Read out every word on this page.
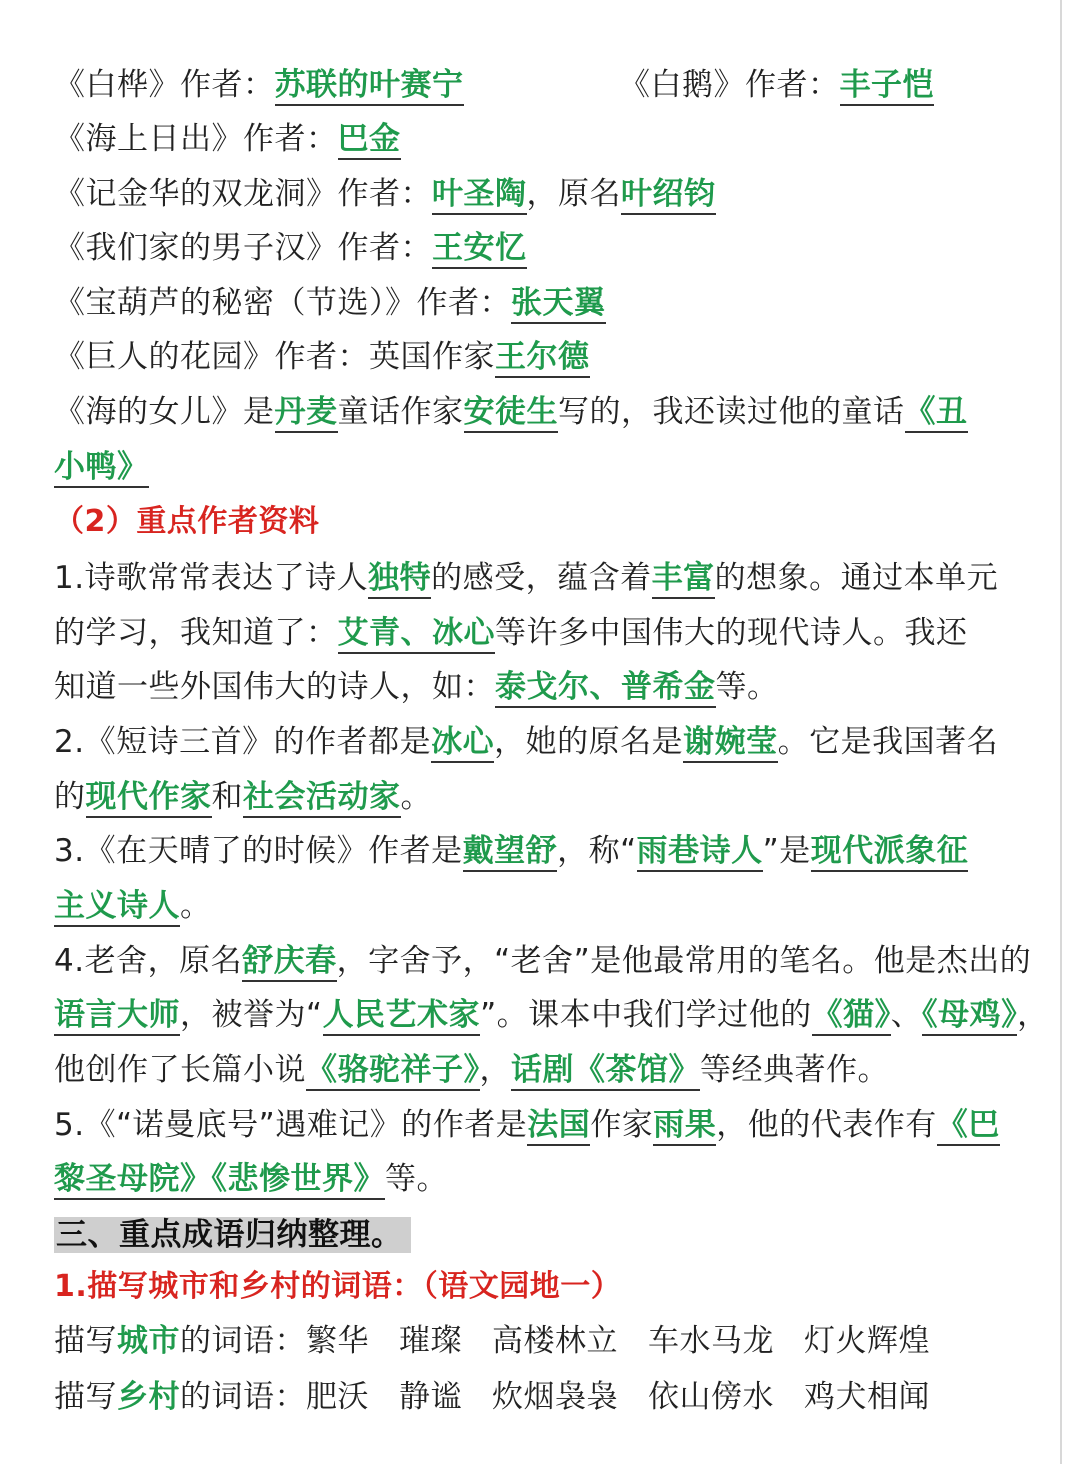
《白桦》作者：苏联的叶赛宁	《白鹅》作者：丰子恺
《海上日出》作者：巴金
《记金华的双龙洞》作者：叶圣陶，原名叶绍钧
《我们家的男子汉》作者：王安忆
《宝葫芦的秘密（节选）》作者：张天翼
《巨人的花园》作者：英国作家王尔德
《海的女儿》是丹麦童话作家安徒生写的，我还读过他的童话《丑
小鸭》
（2）重点作者资料
1.诗歌常常表达了诗人独特的感受，蕴含着丰富的想象。通过本单元
的学习，我知道了：艾青、冰心等许多中国伟大的现代诗人。我还
知道一些外国伟大的诗人，如：泰戈尔、普希金等。
2.《短诗三首》的作者都是冰心，她的原名是谢婉莹。它是我国著名
的现代作家和社会活动家。
3.《在天晴了的时候》作者是戴望舒，称“雨巷诗人”是现代派象征
主义诗人。
4.老舍，原名舒庆春，字舍予，“老舍”是他最常用的笔名。他是杰出的
语言大师，被誉为“人民艺术家”。课本中我们学过他的《猫》、《母鸡》，
他创作了长篇小说《骆驼祥子》，话剧《茶馆》等经典著作。
5.《“诺曼底号”遇难记》的作者是法国作家雨果，他的代表作有《巴
黎圣母院》《悲惨世界》等。
三、重点成语归纳整理。
1.描写城市和乡村的词语：（语文园地一）
描写城市的词语：繁华 璀璨 高楼林立 车水马龙 灯火辉煌
描写乡村的词语：肥沃 静谧 炊烟袅袅 依山傍水 鸡犬相闻
